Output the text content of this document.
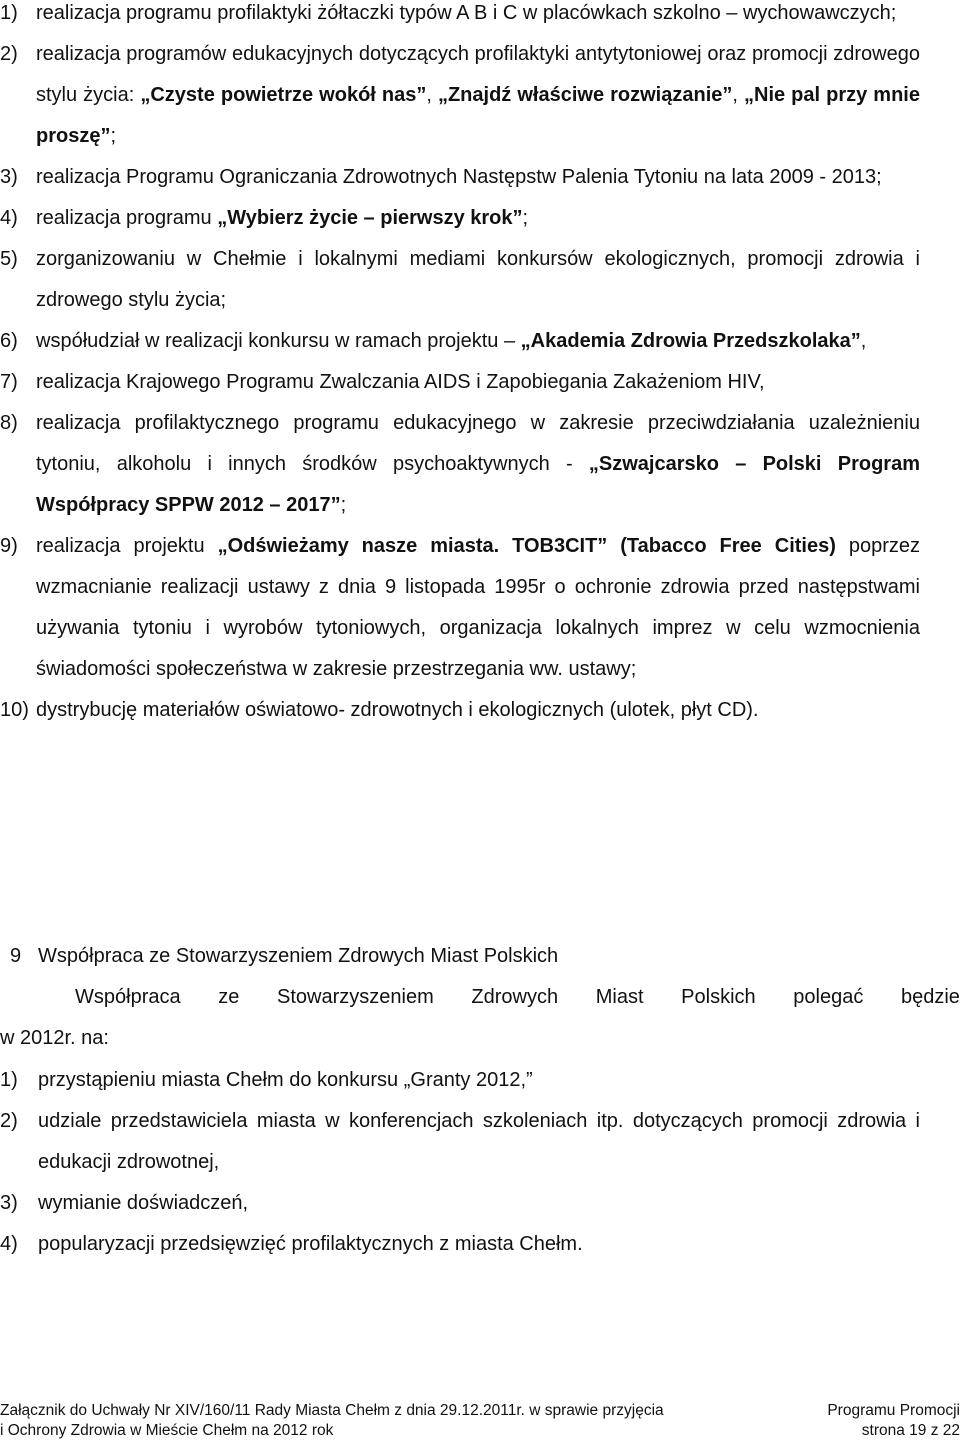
1) realizacja programu profilaktyki żółtaczki typów A B i C w placówkach szkolno – wychowawczych;
2) realizacja programów edukacyjnych dotyczących profilaktyki antytytoniowej oraz promocji zdrowego stylu życia: „Czyste powietrze wokół nas”, „Znajdź właściwe rozwiązanie”, „Nie pal przy mnie proszę”;
3) realizacja Programu Ograniczania Zdrowotnych Następstw Palenia Tytoniu na lata 2009 - 2013;
4) realizacja programu „Wybierz życie – pierwszy krok”;
5) zorganizowaniu w Chełmie i lokalnymi mediami konkursów ekologicznych, promocji zdrowia i zdrowego stylu życia;
6) współudział w realizacji konkursu w ramach projektu – „Akademia Zdrowia Przedszkolaka”,
7) realizacja Krajowego Programu Zwalczania AIDS i Zapobiegania Zakażeniom HIV,
8) realizacja profilaktycznego programu edukacyjnego w zakresie przeciwdziałania uzależnieniu tytoniu, alkoholu i innych środków psychoaktywnych - „Szwajcarsko – Polski Program Współpracy SPPW 2012 – 2017”;
9) realizacja projektu „Odświeżamy nasze miasta. TOB3CIT” (Tabacco Free Cities) poprzez wzmacnianie realizacji ustawy z dnia 9 listopada 1995r o ochronie zdrowia przed następstwami używania tytoniu i wyrobów tytoniowych, organizacja lokalnych imprez w celu wzmocnienia świadomości społeczeństwa w zakresie przestrzegania ww. ustawy;
10) dystrybucję materiałów oświatowo- zdrowotnych i ekologicznych (ulotek, płyt CD).
9 Współpraca ze Stowarzyszeniem Zdrowych Miast Polskich
Współpraca ze Stowarzyszeniem Zdrowych Miast Polskich polegać będzie
w 2012r. na:
1)	przystąpieniu miasta Chełm do konkursu „Granty 2012,”
2)	udziale przedstawiciela miasta w konferencjach szkoleniach itp. dotyczących promocji zdrowia i edukacji zdrowotnej,
3)	wymianie doświadczeń,
4)	popularyzacji przedsięwzięć profilaktycznych z miasta Chełm.
Załącznik do Uchwały Nr XIV/160/11 Rady Miasta Chełm z dnia 29.12.2011r. w sprawie przyjęcia	Programu Promocji
i Ochrony Zdrowia w Mieście Chełm na 2012 rok	strona 19 z 22
